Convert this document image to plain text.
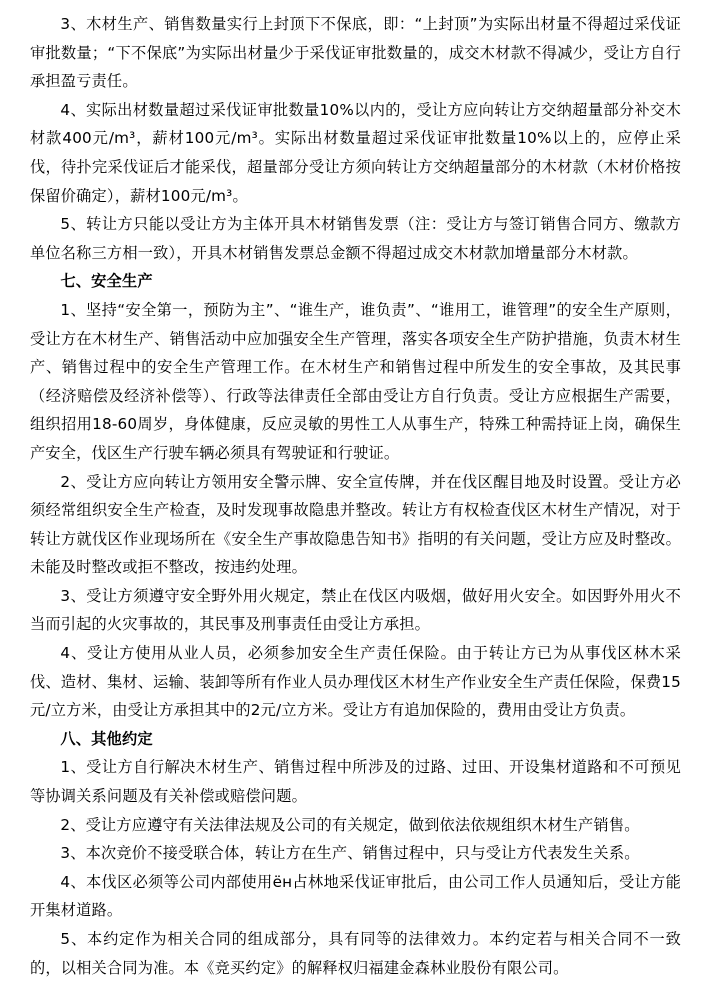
3、木材生产、销售数量实行上封顶下不保底，即：“上封顶”为实际出材量不得超过采伐证审批数量；“下不保底”为实际出材量少于采伐证审批数量的，成交木材款不得减少，受让方自行承担盈亏责任。

4、实际出材数量超过采伐证审批数量10%以内的，受让方应向转让方交纳超量部分补交木材款400元/m³，薪材100元/m³。实际出材数量超过采伐证审批数量10%以上的，应停止采伐，待扑完采伐证后才能采伐，超量部分受让方须向转让方交纳超量部分的木材款（木材价格按保留价确定），薪材100元/m³。

5、转让方只能以受让方为主体开具木材销售发票（注：受让方与签订销售合同方、缴款方单位名称三方相一致），开具木材销售发票总金额不得超过成交木材款加增量部分木材款。

七、安全生产

1、坚持“安全第一，预防为主”、“谁生产，谁负责”、“谁用工，谁管理”的安全生产原则，受让方在木材生产、销售活动中应加强安全生产管理，落实各项安全生产防护措施，负责木材生产、销售过程中的安全生产管理工作。在木材生产和销售过程中所发生的安全事故，及其民事（经济赔偿及经济补偿等）、行政等法律责任全部由受让方自行负责。受让方应根据生产需要，组织招用18-60周岁，身体健康，反应灵敏的男性工人从事生产，特殊工种需持证上岗，确保生产安全，伐区生产行驶车辆必须具有驾驶证和行驶证。

2、受让方应向转让方领用安全警示牌、安全宣传牌，并在伐区醒目地及时设置。受让方必须经常组织安全生产检查，及时发现事故隐患并整改。转让方有权检查伐区木材生产情况，对于转让方就伐区作业现场所在《安全生产事故隐患告知书》指明的有关问题，受让方应及时整改。未能及时整改或拒不整改，按违约处理。

3、受让方须遵守安全野外用火规定，禁止在伐区内吸烟，做好用火安全。如因野外用火不当而引起的火灾事故的，其民事及刑事责任由受让方承担。

4、受让方使用从业人员，必须参加安全生产责任保险。由于转让方已为从事伐区林木采伐、造材、集材、运输、装卸等所有作业人员办理伐区木材生产作业安全生产责任保险，保费15元/立方米，由受让方承担其中的2元/立方米。受让方有追加保险的，费用由受让方负责。

八、其他约定

1、受让方自行解决木材生产、销售过程中所涉及的过路、过田、开设集材道路和不可预见等协调关系问题及有关补偿或赔偿问题。

2、受让方应遵守有关法律法规及公司的有关规定，做到依法依规组织木材生产销售。

3、本次竞价不接受联合体，转让方在生产、销售过程中，只与受让方代表发生关系。

4、本伐区必须等公司内部使用ён占林地采伐证审批后，由公司工作人员通知后，受让方能开集材道路。

5、本约定作为相关合同的组成部分，具有同等的法律效力。本约定若与相关合同不一致的，以相关合同为准。本《竞买约定》的解释权归福建金森林业股份有限公司。
